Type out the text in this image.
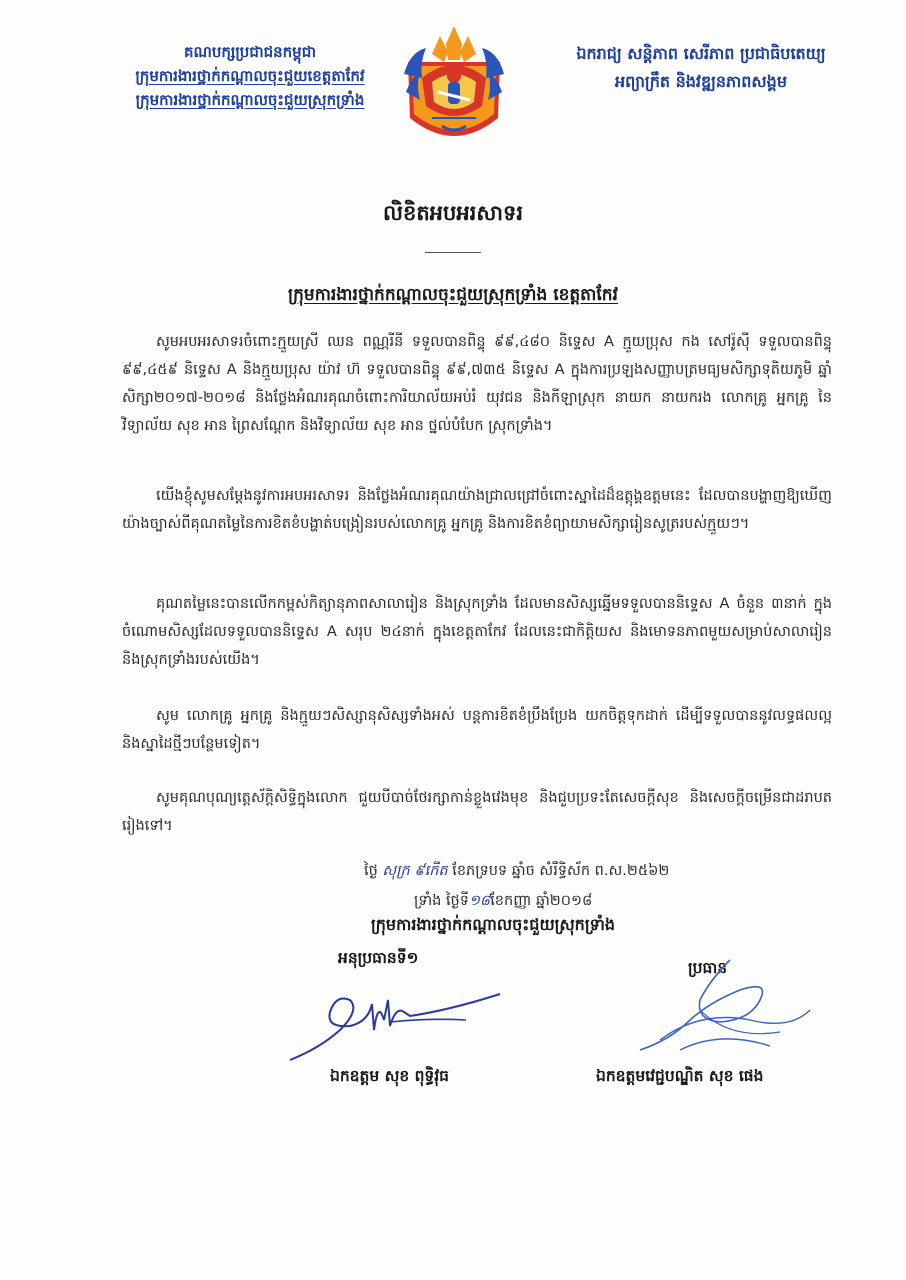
គណបក្សប្រជាជនកម្ពុជា
ក្រុមការងារថ្នាក់កណ្ដាលចុះជួយខេត្តតាកែវ
ក្រុមការងារថ្នាក់កណ្ដាលចុះជួយស្រុកទ្រាំង
ឯករាជ្យ សន្តិភាព សេរីភាព ប្រជាធិបតេយ្យ
អព្យាក្រឹត និងវឌ្ឍនភាពសង្គម
លិខិតអបអរសាទរ
ក្រុមការងារថ្នាក់កណ្ដាលចុះជួយស្រុកទ្រាំង ខេត្តតាកែវ
សូមអបអរសាទរចំពោះក្មួយស្រី ឈន ពណ្ណរីនី ទទួលបានពិន្ទុ ៩៩,៤៨០ និទ្ទេស A ក្មួយប្រុស កង សៅរ៉ូស៊ី ទទួលបានពិន្ទុ ៩៩,៤៥៩ និទ្ទេស A និងក្មួយប្រុស យ៉ាវ ហ៊ ទទួលបានពិន្ទុ ៩៩,៧៣៥ និទ្ទេស A ក្នុងការប្រឡងសញ្ញាបត្រមធ្យមសិក្សាទុតិយភូមិ ឆ្នាំសិក្សា២០១៧-២០១៨ និងថ្លែងអំណរគុណចំពោះការិយាល័យអប់រំ យុវជន និងកីឡាស្រុក នាយក នាយករង លោកគ្រូ អ្នកគ្រូ នៃវិទ្យាល័យ សុខ អាន ព្រៃសណ្ដែក និងវិទ្យាល័យ សុខ អាន ថ្នល់បំបែក ស្រុកទ្រាំង។
យើងខ្ញុំសូមសម្ដែងនូវការអបអរសាទរ និងថ្លែងអំណរគុណយ៉ាងជ្រាលជ្រៅចំពោះស្នាដៃដ៏ឧត្តុង្គឧត្តមនេះ ដែលបានបង្ហាញឱ្យឃើញយ៉ាងច្បាស់ពីគុណតម្លៃនៃការខិតខំបង្ហាត់បង្រៀនរបស់លោកគ្រូ អ្នកគ្រូ និងការខិតខំព្យាយាមសិក្សារៀនសូត្ររបស់ក្មួយៗ។
គុណតម្លៃនេះបានលើកកម្ពស់កិត្យានុភាពសាលារៀន និងស្រុកទ្រាំង ដែលមានសិស្សឆ្នើមទទួលបាននិទ្ទេស A ចំនួន ៣នាក់ ក្នុងចំណោមសិស្សដែលទទួលបាននិទ្ទេស A សរុប ២៤នាក់ ក្នុងខេត្តតាកែវ ដែលនេះជាកិត្តិយស និងមោទនភាពមួយសម្រាប់សាលារៀន និងស្រុកទ្រាំងរបស់យើង។
សូម លោកគ្រូ អ្នកគ្រូ និងក្មួយៗសិស្សានុសិស្សទាំងអស់ បន្តការខិតខំប្រឹងប្រែង យកចិត្តទុកដាក់ ដើម្បីទទួលបាននូវលទ្ធផលល្អ និងស្នាដៃថ្មីៗបន្ថែមទៀត។
សូមគុណបុណ្យត្តេស័ក្តិសិទ្ធិក្នុងលោក ជួយបីបាច់ថែរក្សាកាន់ខ្លួងវេងមុខ និងជួបប្រទះតែសេចក្ដីសុខ និងសេចក្ដីចម្រើនជាដរាបតរៀងទៅ។
ថ្ងៃ សុក្រ ៩កើត ខែភទ្របទ ឆ្នាំច សំរឹទ្ធិស័ក ព.ស.២៥៦២
ទ្រាំង ថ្ងៃទី១៨ខែកញ្ញា ឆ្នាំ២០១៨
ក្រុមការងារថ្នាក់កណ្ដាលចុះជួយស្រុកទ្រាំង
អនុប្រធានទី១
ប្រធាន
ឯកឧត្តម សុខ ពុទ្ធិវុធ	ឯកឧត្តមវេជ្ជបណ្ឌិត សុខ ផេង
